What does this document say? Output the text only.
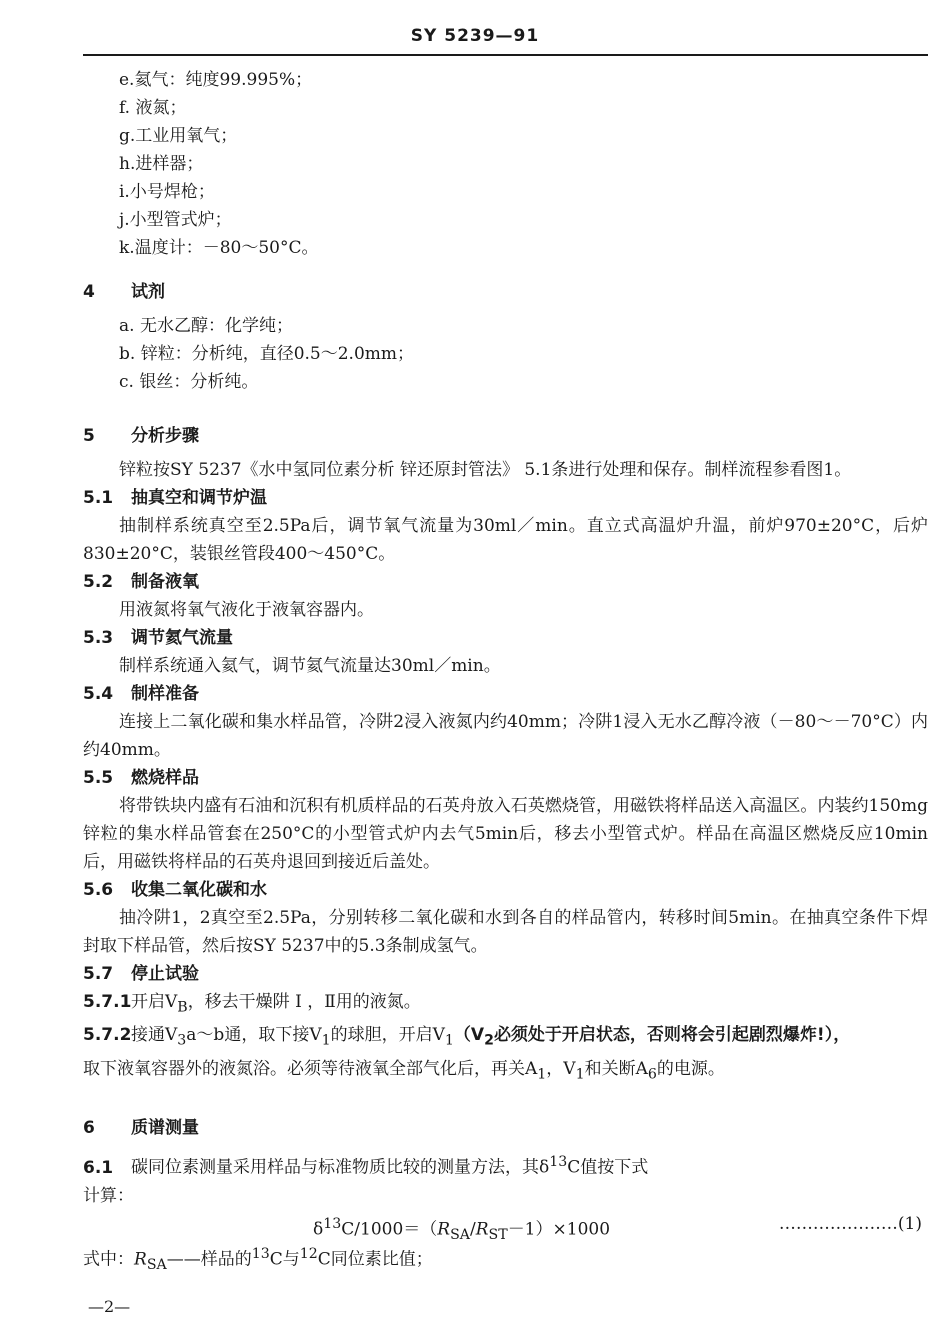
SY 5239—91

e.氦气：纯度99.995%；

f. 液氮；

g.工业用氧气；

h.进样器；

i.小号焊枪；

j.小型管式炉；

k.温度计：－80～50°C。

4 试剂

a. 无水乙醇：化学纯；

b. 锌粒：分析纯，直径0.5～2.0mm；

c. 银丝：分析纯。

5 分析步骤

锌粒按SY 5237《水中氢同位素分析 锌还原封管法》 5.1条进行处理和保存。制样流程参看图1。

5.1 抽真空和调节炉温

抽制样系统真空至2.5Pa后，调节氧气流量为30ml／min。直立式高温炉升温，前炉970±20°C，后炉830±20°C，装银丝管段400～450°C。

5.2 制备液氧

用液氮将氧气液化于液氧容器内。

5.3 调节氦气流量

制样系统通入氦气，调节氦气流量达30ml／min。

5.4 制样准备

连接上二氧化碳和集水样品管，冷阱2浸入液氮内约40mm；冷阱1浸入无水乙醇冷液（－80～－70°C）内约40mm。

5.5 燃烧样品

将带铁块内盛有石油和沉积有机质样品的石英舟放入石英燃烧管，用磁铁将样品送入高温区。内装约150mg锌粒的集水样品管套在250°C的小型管式炉内去气5min后，移去小型管式炉。样品在高温区燃烧反应10min后，用磁铁将样品的石英舟退回到接近后盖处。

5.6 收集二氧化碳和水

抽冷阱1，2真空至2.5Pa，分别转移二氧化碳和水到各自的样品管内，转移时间5min。在抽真空条件下焊封取下样品管，然后按SY 5237中的5.3条制成氢气。

5.7 停止试验

5.7.1开启$V_B$，移去干燥阱 I ，Ⅱ用的液氮。

5.7.2接通$V_3a\sim b$通，取下接$V_1$的球胆，开启$V_1(V_2$必须处于开启状态，否则将会引起剧烈爆炸!），

取下液氧容器外的液氮浴。必须等待液氧全部气化后，再关$A_1$，$V_1$和关断$A_6$的电源。

6 质谱测量

6.1 碳同位素测量采用样品与标准物质比较的测量方法，其$\delta^{13}C$值按下式

计算：

$\delta^{13}C/1000=(R_{SA}/R_{ST}-1)\times 1000$	…………………(1)

式中：$R_{SA}——$样品的$^{13}$C与$^{12}$C同位素比值；

—2—
